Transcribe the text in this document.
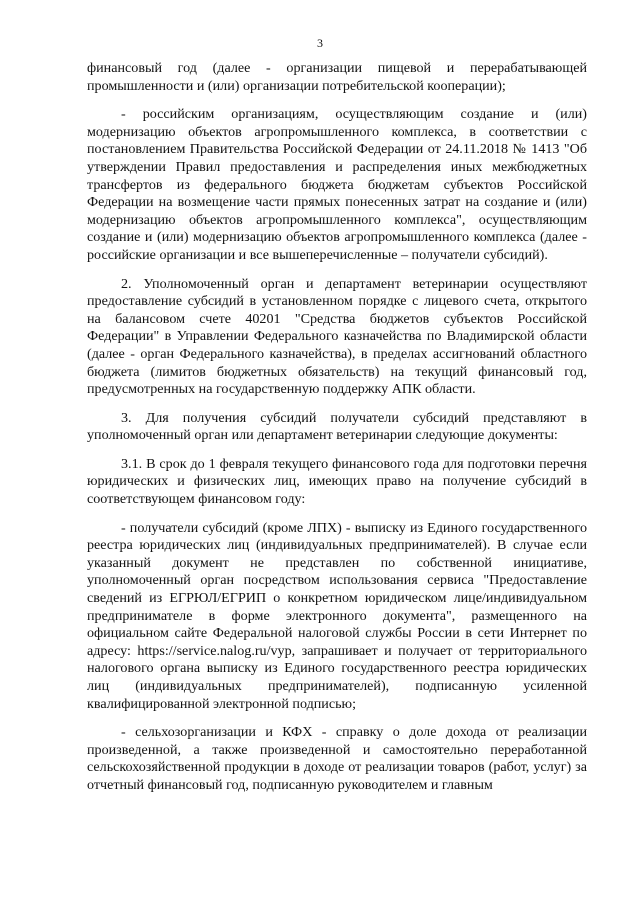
3

финансовый год (далее - организации пищевой и перерабатывающей промышленности и (или) организации потребительской кооперации);

- российским организациям, осуществляющим создание и (или) модернизацию объектов агропромышленного комплекса, в соответствии с постановлением Правительства Российской Федерации от 24.11.2018 № 1413 "Об утверждении Правил предоставления и распределения иных межбюджетных трансфертов из федерального бюджета бюджетам субъектов Российской Федерации на возмещение части прямых понесенных затрат на создание и (или) модернизацию объектов агропромышленного комплекса", осуществляющим создание и (или) модернизацию объектов агропромышленного комплекса (далее - российские организации и все вышеперечисленные – получатели субсидий).

2. Уполномоченный орган и департамент ветеринарии осуществляют предоставление субсидий в установленном порядке с лицевого счета, открытого на балансовом счете 40201 "Средства бюджетов субъектов Российской Федерации" в Управлении Федерального казначейства по Владимирской области (далее - орган Федерального казначейства), в пределах ассигнований областного бюджета (лимитов бюджетных обязательств) на текущий финансовый год, предусмотренных на государственную поддержку АПК области.

3. Для получения субсидий получатели субсидий представляют в уполномоченный орган или департамент ветеринарии следующие документы:

3.1. В срок до 1 февраля текущего финансового года для подготовки перечня юридических и физических лиц, имеющих право на получение субсидий в соответствующем финансовом году:

- получатели субсидий (кроме ЛПХ) - выписку из Единого государственного реестра юридических лиц (индивидуальных предпринимателей). В случае если указанный документ не представлен по собственной инициативе, уполномоченный орган посредством использования сервиса "Предоставление сведений из ЕГРЮЛ/ЕГРИП о конкретном юридическом лице/индивидуальном предпринимателе в форме электронного документа", размещенного на официальном сайте Федеральной налоговой службы России в сети Интернет по адресу: https://service.nalog.ru/vyp, запрашивает и получает от территориального налогового органа выписку из Единого государственного реестра юридических лиц (индивидуальных предпринимателей), подписанную усиленной квалифицированной электронной подписью;

- сельхозорганизации и КФХ - справку о доле дохода от реализации произведенной, а также произведенной и самостоятельно переработанной сельскохозяйственной продукции в доходе от реализации товаров (работ, услуг) за отчетный финансовый год, подписанную руководителем и главным
